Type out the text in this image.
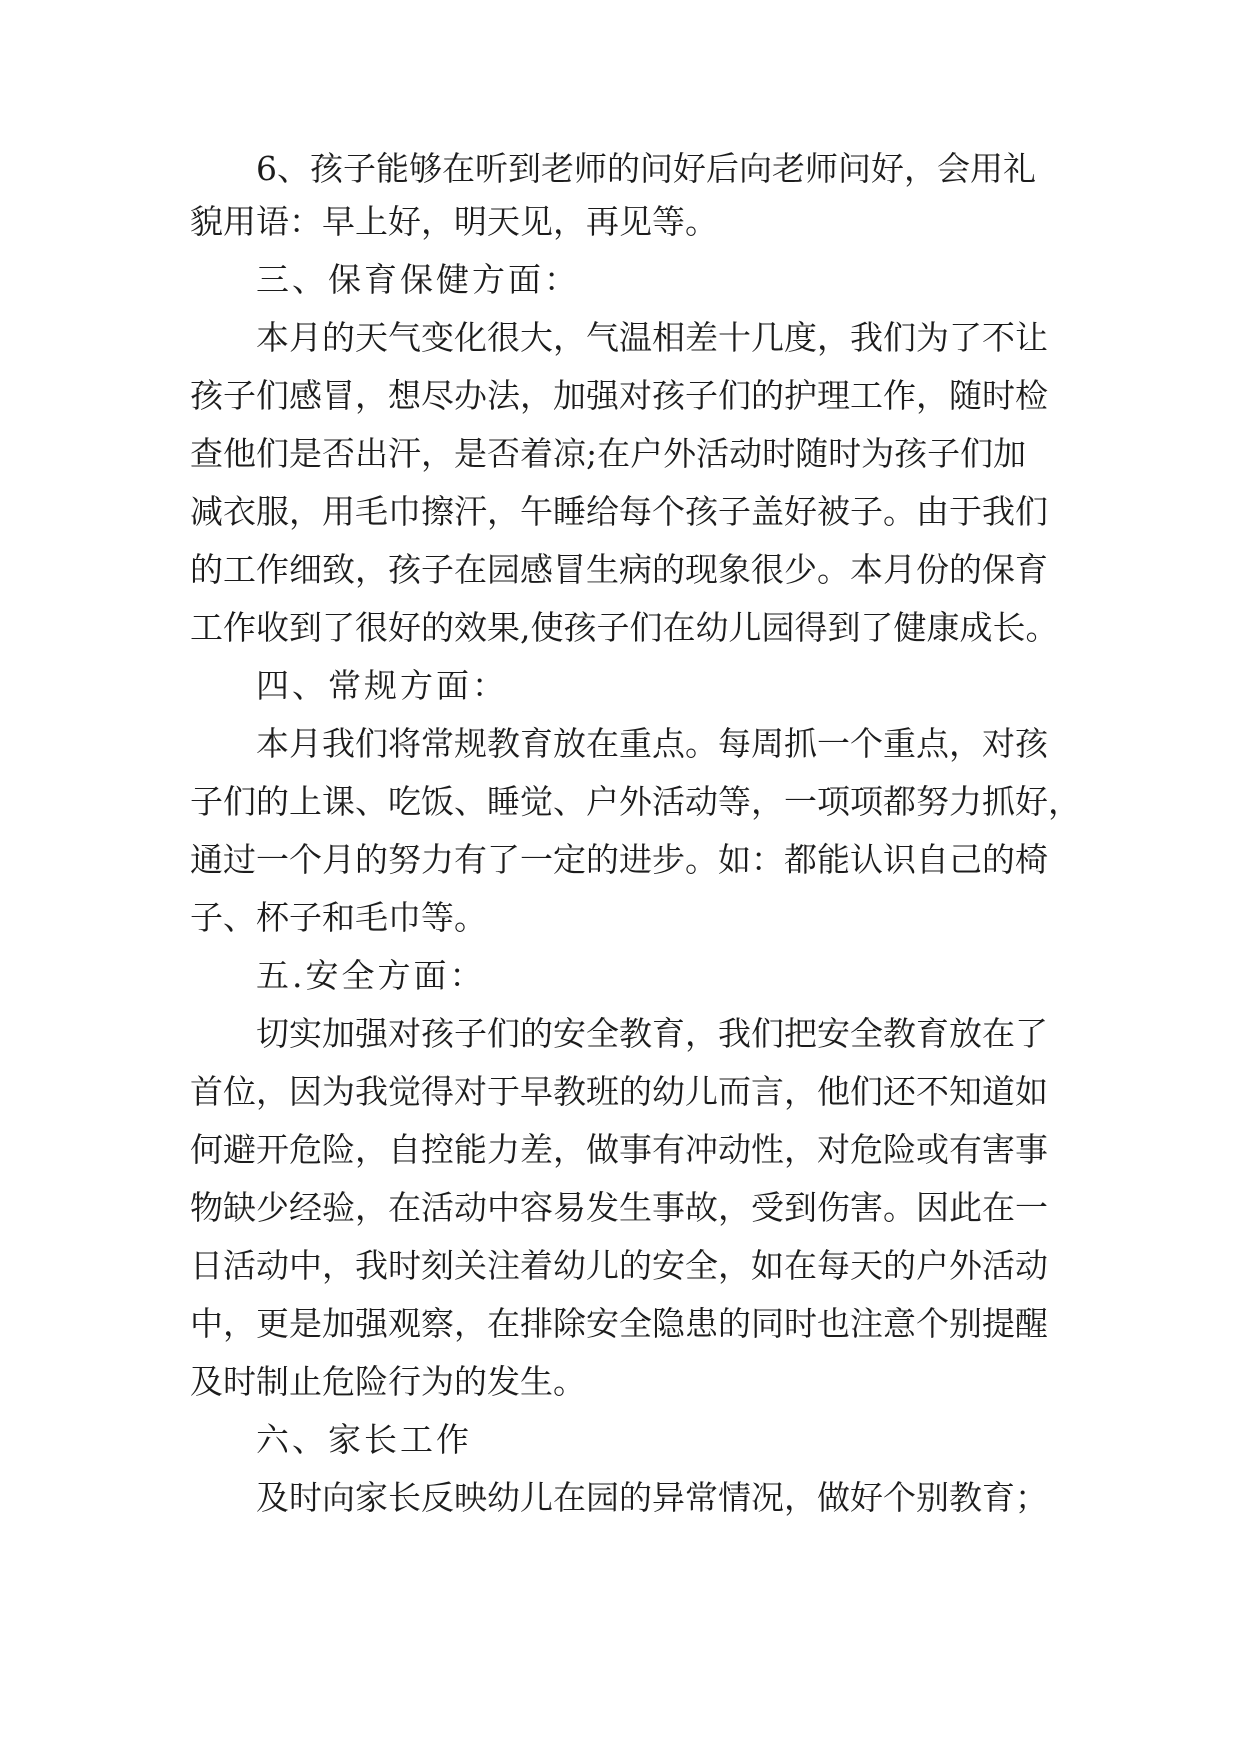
6、孩子能够在听到老师的问好后向老师问好，会用礼

貌用语：早上好，明天见，再见等。

三、保育保健方面：

本月的天气变化很大，气温相差十几度，我们为了不让

孩子们感冒，想尽办法，加强对孩子们的护理工作，随时检

查他们是否出汗，是否着凉;在户外活动时随时为孩子们加

减衣服，用毛巾擦汗，午睡给每个孩子盖好被子。由于我们

的工作细致，孩子在园感冒生病的现象很少。本月份的保育

工作收到了很好的效果,使孩子们在幼儿园得到了健康成长。

四、常规方面：

本月我们将常规教育放在重点。每周抓一个重点，对孩

子们的上课、吃饭、睡觉、户外活动等，一项项都努力抓好，

通过一个月的努力有了一定的进步。如：都能认识自己的椅

子、杯子和毛巾等。

五.安全方面：

切实加强对孩子们的安全教育，我们把安全教育放在了

首位，因为我觉得对于早教班的幼儿而言，他们还不知道如

何避开危险，自控能力差，做事有冲动性，对危险或有害事

物缺少经验，在活动中容易发生事故，受到伤害。因此在一

日活动中，我时刻关注着幼儿的安全，如在每天的户外活动

中，更是加强观察，在排除安全隐患的同时也注意个别提醒

及时制止危险行为的发生。

六、家长工作

及时向家长反映幼儿在园的异常情况，做好个别教育；
